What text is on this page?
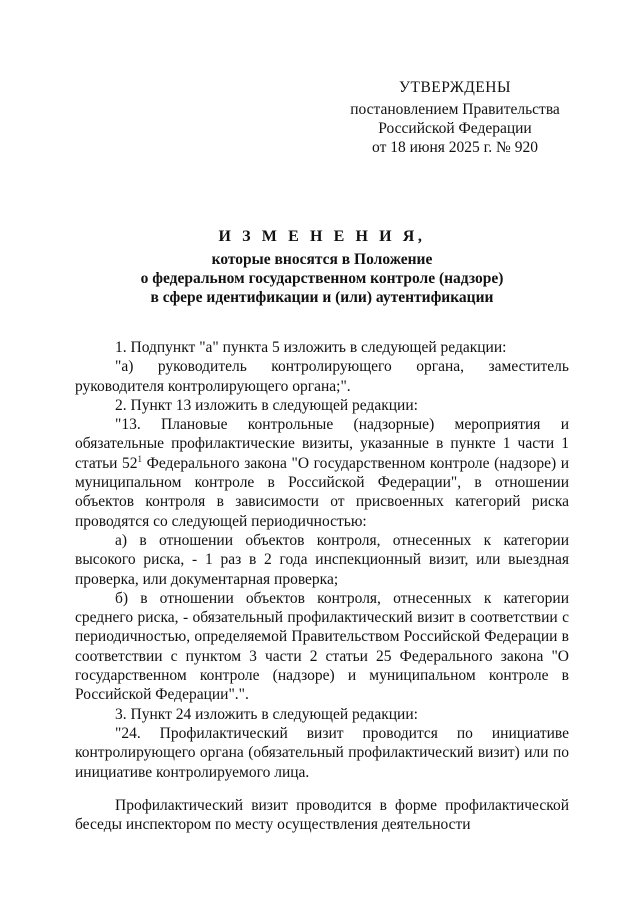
УТВЕРЖДЕНЫ
постановлением Правительства
Российской Федерации
от 18 июня 2025 г. № 920
И З М Е Н Е Н И Я,
которые вносятся в Положение
о федеральном государственном контроле (надзоре)
в сфере идентификации и (или) аутентификации

1. Подпункт "а" пункта 5 изложить в следующей редакции:

"а) руководитель контролирующего органа, заместитель руководителя контролирующего органа;".

2. Пункт 13 изложить в следующей редакции:

"13. Плановые контрольные (надзорные) мероприятия и обязательные профилактические визиты, указанные в пункте 1 части 1 статьи $52^1$ Федерального закона "О государственном контроле (надзоре) и муниципальном контроле в Российской Федерации", в отношении объектов контроля в зависимости от присвоенных категорий риска проводятся со следующей периодичностью:

а) в отношении объектов контроля, отнесенных к категории высокого риска, - 1 раз в 2 года инспекционный визит, или выездная проверка, или документарная проверка;

б) в отношении объектов контроля, отнесенных к категории среднего риска, - обязательный профилактический визит в соответствии с периодичностью, определяемой Правительством Российской Федерации в соответствии с пунктом 3 части 2 статьи 25 Федерального закона "О государственном контроле (надзоре) и муниципальном контроле в Российской Федерации".".

3. Пункт 24 изложить в следующей редакции:

"24. Профилактический визит проводится по инициативе контролирующего органа (обязательный профилактический визит) или по инициативе контролируемого лица.

Профилактический визит проводится в форме профилактической беседы инспектором по месту осуществления деятельности
